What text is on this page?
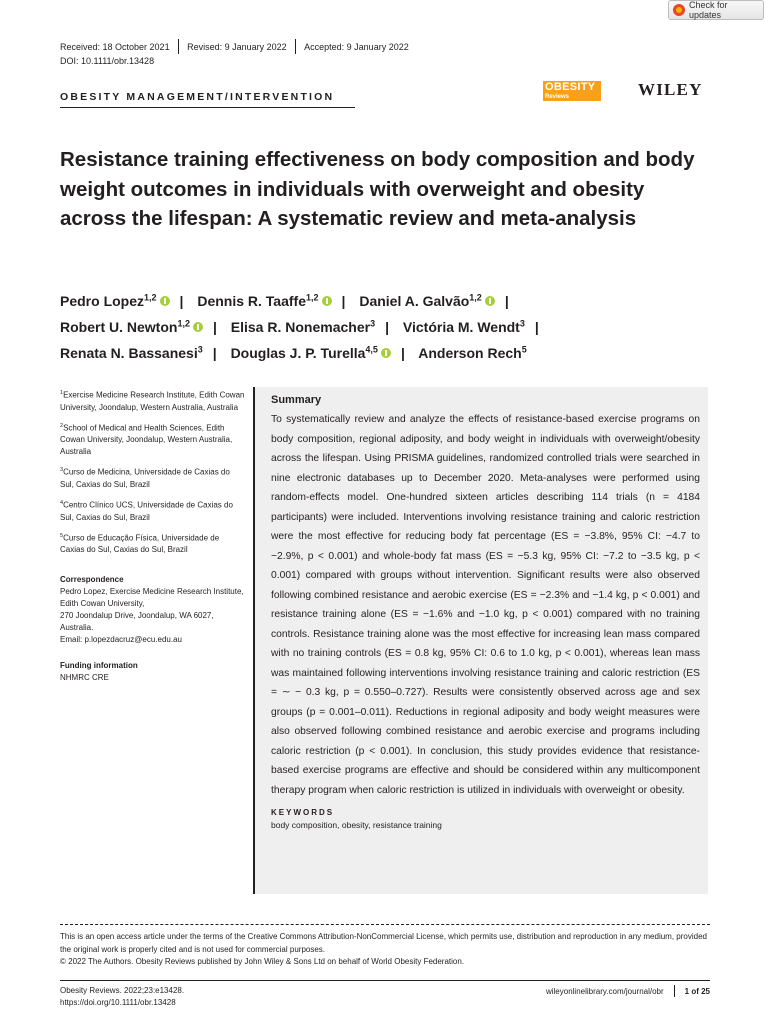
Check for updates
Received: 18 October 2021 Revised: 9 January 2022 Accepted: 9 January 2022
DOI: 10.1111/obr.13428
OBESITY MANAGEMENT/INTERVENTION
OBESITY
Reviews	WILEY
Resistance training effectiveness on body composition and body weight outcomes in individuals with overweight and obesity across the lifespan: A systematic review and meta-analysis
Pedro Lopez$^{1,2}$ | Dennis R. Taaffe$^{1,2}$ | Daniel A. Galvão$^{1,2}$ |
Robert U. Newton$^{1,2}$ | Elisa R. Nonemacher$^3$ | Victória M. Wendt$^3$ |
Renata N. Bassanesi$^3$ | Douglas J. P. Turella$^{4,5}$ | Anderson Rech$^5$

$^1$Exercise Medicine Research Institute, Edith Cowan University, Joondalup, Western Australia, Australia

$^2$School of Medical and Health Sciences, Edith Cowan University, Joondalup, Western Australia, Australia

$^3$Curso de Medicina, Universidade de Caxias do Sul, Caxias do Sul, Brazil

$^4$Centro Clínico UCS, Universidade de Caxias do Sul, Caxias do Sul, Brazil

$^5$Curso de Educação Física, Universidade de Caxias do Sul, Caxias do Sul, Brazil

Correspondence

Pedro Lopez, Exercise Medicine Research Institute, Edith Cowan University,

270 Joondalup Drive, Joondalup, WA 6027, Australia.

Email: p.lopezdacruz@ecu.edu.au

Funding information

NHMRC CRE

Summary

To systematically review and analyze the effects of resistance-based exercise programs on body composition, regional adiposity, and body weight in individuals with overweight/obesity across the lifespan. Using PRISMA guidelines, randomized controlled trials were searched in nine electronic databases up to December 2020. Meta-analyses were performed using random-effects model. One-hundred sixteen articles describing 114 trials (n = 4184 participants) were included. Interventions involving resistance training and caloric restriction were the most effective for reducing body fat percentage (ES = −3.8%, 95% CI: −4.7 to −2.9%, p < 0.001) and whole-body fat mass (ES = −5.3 kg, 95% CI: −7.2 to −3.5 kg, p < 0.001) compared with groups without intervention. Significant results were also observed following combined resistance and aerobic exercise (ES = −2.3% and −1.4 kg, p < 0.001) and resistance training alone (ES = −1.6% and −1.0 kg, p < 0.001) compared with no training controls. Resistance training alone was the most effective for increasing lean mass compared with no training controls (ES = 0.8 kg, 95% CI: 0.6 to 1.0 kg, p < 0.001), whereas lean mass was maintained following interventions involving resistance training and caloric restriction (ES = ∼ − 0.3 kg, p = 0.550–0.727). Results were consistently observed across age and sex groups (p = 0.001–0.011). Reductions in regional adiposity and body weight measures were also observed following combined resistance and aerobic exercise and programs including caloric restriction (p < 0.001). In conclusion, this study provides evidence that resistance-based exercise programs are effective and should be considered within any multicomponent therapy program when caloric restriction is utilized in individuals with overweight or obesity.

KEYWORDS
body composition, obesity, resistance training

This is an open access article under the terms of the Creative Commons Attribution-NonCommercial License, which permits use, distribution and reproduction in any medium, provided the original work is properly cited and is not used for commercial purposes.

© 2022 The Authors. Obesity Reviews published by John Wiley & Sons Ltd on behalf of World Obesity Federation.

Obesity Reviews. 2022;23:e13428.
https://doi.org/10.1111/obr.13428
wileyonlinelibrary.com/journal/obr	1 of 25
